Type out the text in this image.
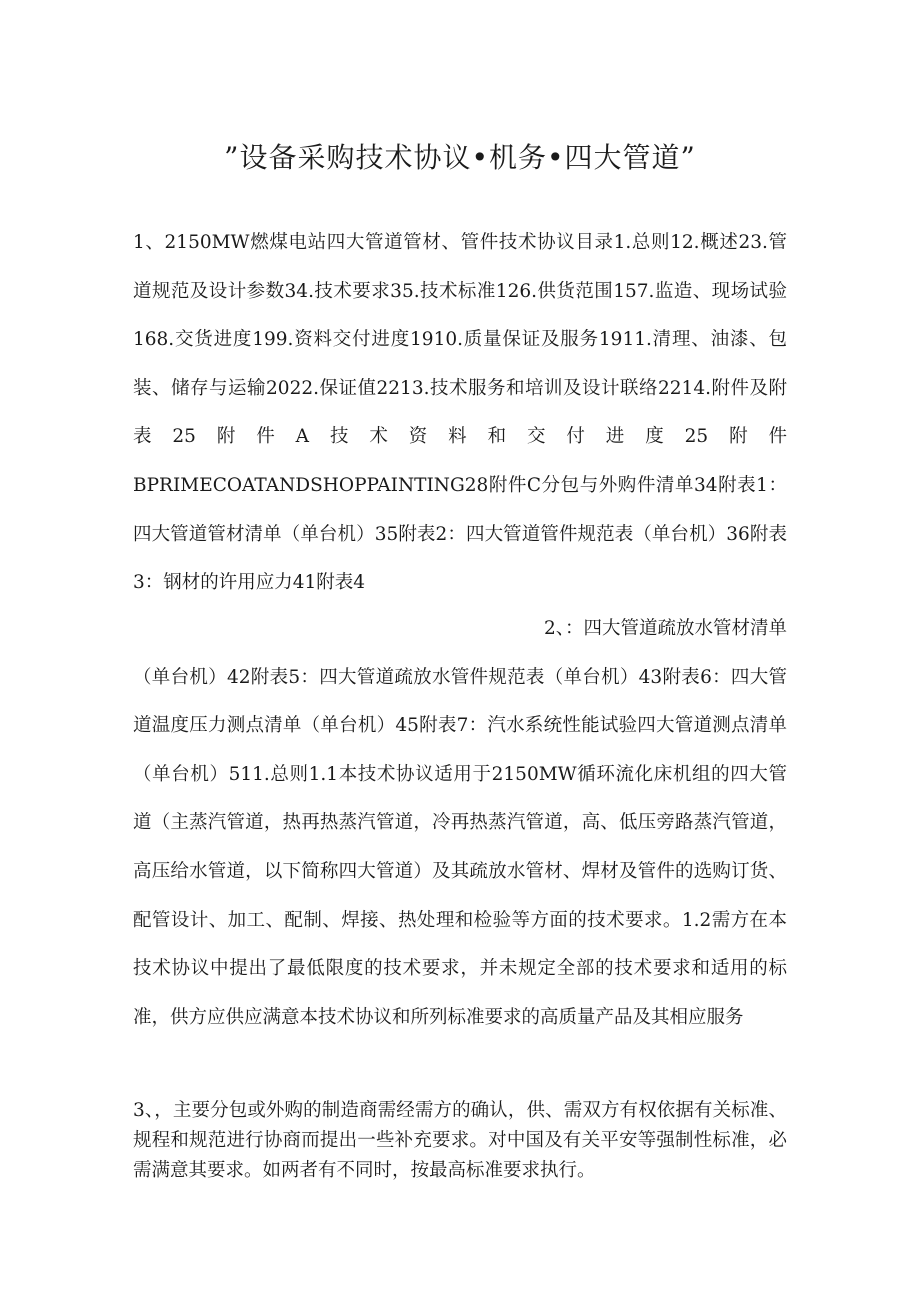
”设备采购技术协议•机务•四大管道”

1、2150MW燃煤电站四大管道管材、管件技术协议目录1.总则12.概述23.管道规范及设计参数34.技术要求35.技术标准126.供货范围157.监造、现场试验168.交货进度199.资料交付进度1910.质量保证及服务1911.清理、油漆、包装、储存与运输2022.保证值2213.技术服务和培训及设计联络2214.附件及附表25附件A技术资料和交付进度25附件BPRIMECOATANDSHOPPAINTING28附件C分包与外购件清单34附表1：四大管道管材清单（单台机）35附表2：四大管道管件规范表（单台机）36附表3：钢材的许用应力41附表4

2、：四大管道疏放水管材清单
（单台机）42附表5：四大管道疏放水管件规范表（单台机）43附表6：四大管道温度压力测点清单（单台机）45附表7：汽水系统性能试验四大管道测点清单（单台机）511.总则1.1本技术协议适用于2150MW循环流化床机组的四大管道（主蒸汽管道，热再热蒸汽管道，冷再热蒸汽管道，高、低压旁路蒸汽管道，高压给水管道，以下简称四大管道）及其疏放水管材、焊材及管件的选购订货、配管设计、加工、配制、焊接、热处理和检验等方面的技术要求。1.2需方在本技术协议中提出了最低限度的技术要求，并未规定全部的技术要求和适用的标准，供方应供应满意本技术协议和所列标准要求的高质量产品及其相应服务

3、，主要分包或外购的制造商需经需方的确认，供、需双方有权依据有关标准、规程和规范进行协商而提出一些补充要求。对中国及有关平安等强制性标准，必需满意其要求。如两者有不同时，按最高标准要求执行。
